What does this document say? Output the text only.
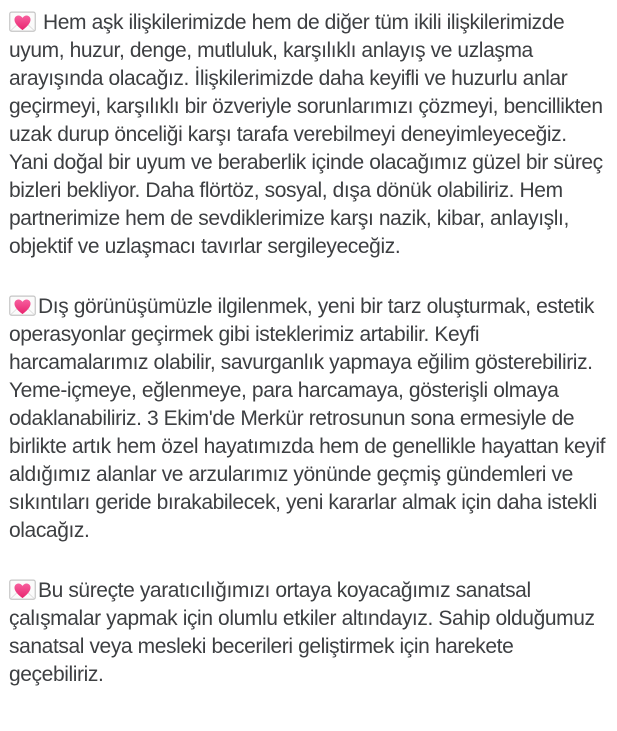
Hem aşk ilişkilerimizde hem de diğer tüm ikili ilişkilerimizde uyum, huzur, denge, mutluluk, karşılıklı anlayış ve uzlaşma arayışında olacağız. İlişkilerimizde daha keyifli ve huzurlu anlar geçirmeyi, karşılıklı bir özveriyle sorunlarımızı çözmeyi, bencillikten uzak durup önceliği karşı tarafa verebilmeyi deneyimleyeceğiz. Yani doğal bir uyum ve beraberlik içinde olacağımız güzel bir süreç bizleri bekliyor. Daha flörtöz, sosyal, dışa dönük olabiliriz. Hem partnerimize hem de sevdiklerimize karşı nazik, kibar, anlayışlı, objektif ve uzlaşmacı tavırlar sergileyeceğiz.

Dış görünüşümüzle ilgilenmek, yeni bir tarz oluşturmak, estetik operasyonlar geçirmek gibi isteklerimiz artabilir. Keyfi harcamalarımız olabilir, savurganlık yapmaya eğilim gösterebiliriz. Yeme-içmeye, eğlenmeye, para harcamaya, gösterişli olmaya odaklanabiliriz. 3 Ekim'de Merkür retrosunun sona ermesiyle de birlikte artık hem özel hayatımızda hem de genellikle hayattan keyif aldığımız alanlar ve arzularımız yönünde geçmiş gündemleri ve sıkıntıları geride bırakabilecek, yeni kararlar almak için daha istekli olacağız.

Bu süreçte yaratıcılığımızı ortaya koyacağımız sanatsal çalışmalar yapmak için olumlu etkiler altındayız. Sahip olduğumuz sanatsal veya mesleki becerileri geliştirmek için harekete geçebiliriz.
